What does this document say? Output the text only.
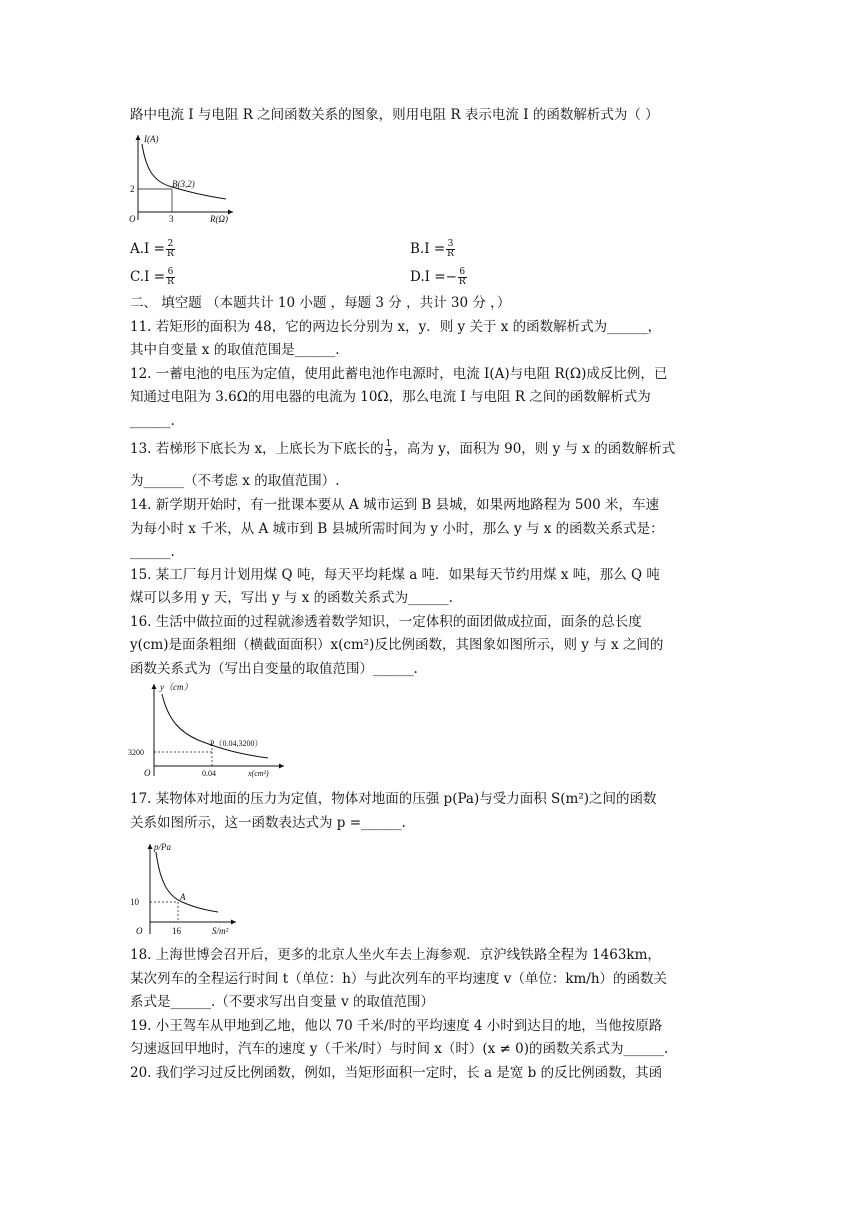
路中电流 I 与电阻 R 之间函数关系的图象，则用电阻 R 表示电流 I 的函数解析式为（ ）
I(A)
R(Ω)
O
B(3,2)
2
3
$A.I = \frac{2}{R}$	$B.I = \frac{3}{R}$
$C.I = \frac{6}{R}$	$D.I =- \frac{6}{R}$
二、 填空题 （本题共计 10 小题 ，每题 3 分 ，共计 30 分 ，）
11. 若矩形的面积为 48，它的两边长分别为 x，y．则 y 关于 x 的函数解析式为______，
其中自变量 x 的取值范围是______.
12. 一蓄电池的电压为定值，使用此蓄电池作电源时，电流 I(A)与电阻 R(Ω)成反比例，已
知通过电阻为 3.6Ω的用电器的电流为 10Ω，那么电流 I 与电阻 R 之间的函数解析式为
______.
13. 若梯形下底长为 x，上底长为下底长的 $\frac{1}{3}$ ，高为 y，面积为 90，则 y 与 x 的函数解析式
为______（不考虑 x 的取值范围）.
14. 新学期开始时，有一批课本要从 A 城市运到 B 县城，如果两地路程为 500 米，车速
为每小时 x 千米，从 A 城市到 B 县城所需时间为 y 小时，那么 y 与 x 的函数关系式是：
______.
15. 某工厂每月计划用煤 Q 吨，每天平均耗煤 a 吨．如果每天节约用煤 x 吨，那么 Q 吨
煤可以多用 y 天，写出 y 与 x 的函数关系式为______.
16. 生活中做拉面的过程就渗透着数学知识，一定体积的面团做成拉面，面条的总长度
y(cm)是面条粗细（横截面面积）x(cm²)反比例函数，其图象如图所示，则 y 与 x 之间的
函数关系式为（写出自变量的取值范围）______.
y（cm）
x(cm²)
O
P（0.04,3200）
3200
0.04
17. 某物体对地面的压力为定值，物体对地面的压强 p(Pa)与受力面积 S(m²)之间的函数
关系如图所示，这一函数表达式为 p =______.
p/Pa
S/m²
O
A
10
16
18. 上海世博会召开后，更多的北京人坐火车去上海参观．京沪线铁路全程为 1463km，
某次列车的全程运行时间 t（单位：h）与此次列车的平均速度 v（单位：km/h）的函数关
系式是______.（不要求写出自变量 v 的取值范围）
19. 小王驾车从甲地到乙地，他以 70 千米/时的平均速度 4 小时到达目的地，当他按原路
匀速返回甲地时，汽车的速度 y（千米/时）与时间 x（时）(x ≠ 0)的函数关系式为______.
20. 我们学习过反比例函数，例如，当矩形面积一定时，长 a 是宽 b 的反比例函数，其函
